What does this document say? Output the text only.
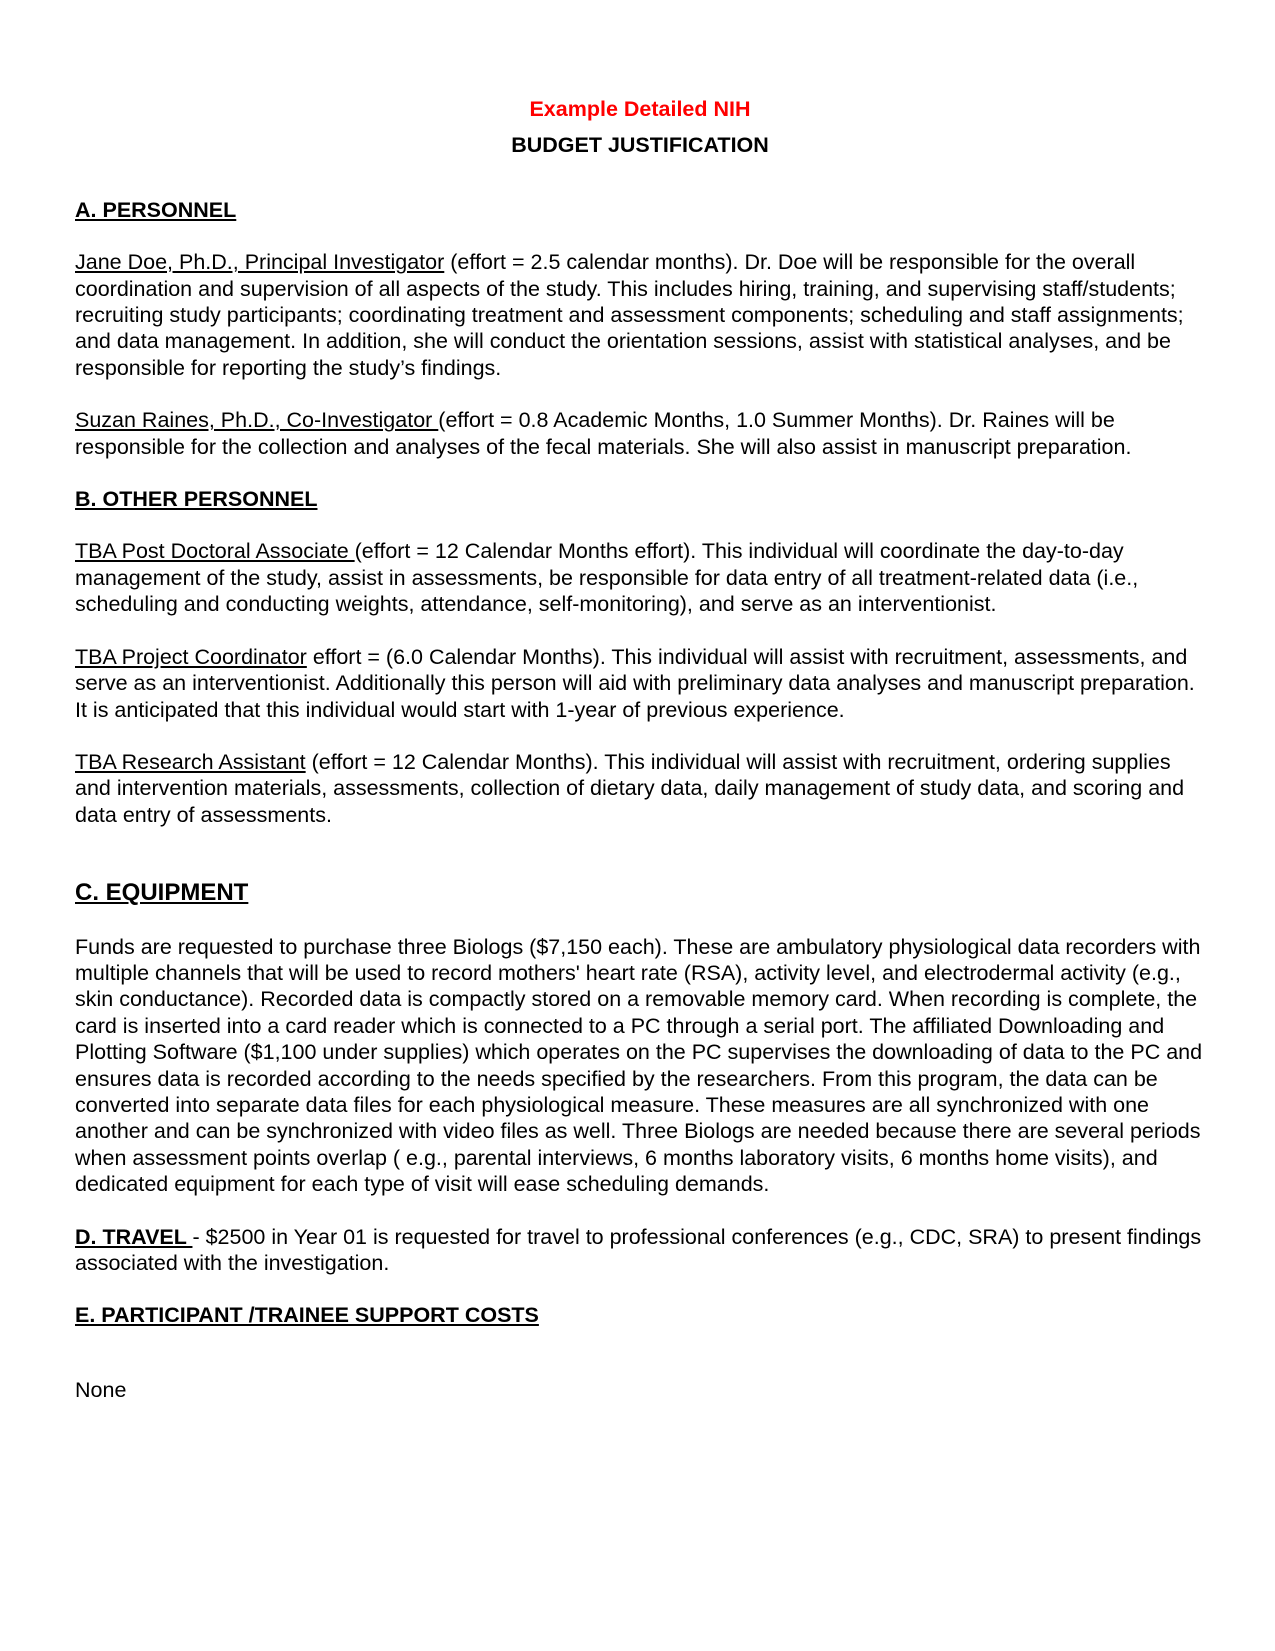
Example Detailed NIH
BUDGET JUSTIFICATION
A. PERSONNEL

Jane Doe, Ph.D., Principal Investigator (effort = 2.5 calendar months). Dr. Doe will be responsible for the overall coordination and supervision of all aspects of the study. This includes hiring, training, and supervising staff/students; recruiting study participants; coordinating treatment and assessment components; scheduling and staff assignments; and data management. In addition, she will conduct the orientation sessions, assist with statistical analyses, and be responsible for reporting the study’s findings.

Suzan Raines, Ph.D., Co-Investigator (effort = 0.8 Academic Months, 1.0 Summer Months). Dr. Raines will be responsible for the collection and analyses of the fecal materials. She will also assist in manuscript preparation.

B. OTHER PERSONNEL

TBA Post Doctoral Associate (effort = 12 Calendar Months effort). This individual will coordinate the day-to-day management of the study, assist in assessments, be responsible for data entry of all treatment-related data (i.e., scheduling and conducting weights, attendance, self-monitoring), and serve as an interventionist.

TBA Project Coordinator effort = (6.0 Calendar Months). This individual will assist with recruitment, assessments, and serve as an interventionist. Additionally this person will aid with preliminary data analyses and manuscript preparation. It is anticipated that this individual would start with 1-year of previous experience.

TBA Research Assistant (effort = 12 Calendar Months). This individual will assist with recruitment, ordering supplies and intervention materials, assessments, collection of dietary data, daily management of study data, and scoring and data entry of assessments.

C. EQUIPMENT

Funds are requested to purchase three Biologs ($7,150 each). These are ambulatory physiological data recorders with multiple channels that will be used to record mothers' heart rate (RSA), activity level, and electrodermal activity (e.g., skin conductance). Recorded data is compactly stored on a removable memory card. When recording is complete, the card is inserted into a card reader which is connected to a PC through a serial port. The affiliated Downloading and Plotting Software ($1,100 under supplies) which operates on the PC supervises the downloading of data to the PC and ensures data is recorded according to the needs specified by the researchers. From this program, the data can be converted into separate data files for each physiological measure. These measures are all synchronized with one another and can be synchronized with video files as well. Three Biologs are needed because there are several periods when assessment points overlap ( e.g., parental interviews, 6 months laboratory visits, 6 months home visits), and dedicated equipment for each type of visit will ease scheduling demands.

D. TRAVEL - $2500 in Year 01 is requested for travel to professional conferences (e.g., CDC, SRA) to present findings associated with the investigation.

E. PARTICIPANT /TRAINEE SUPPORT COSTS

None
